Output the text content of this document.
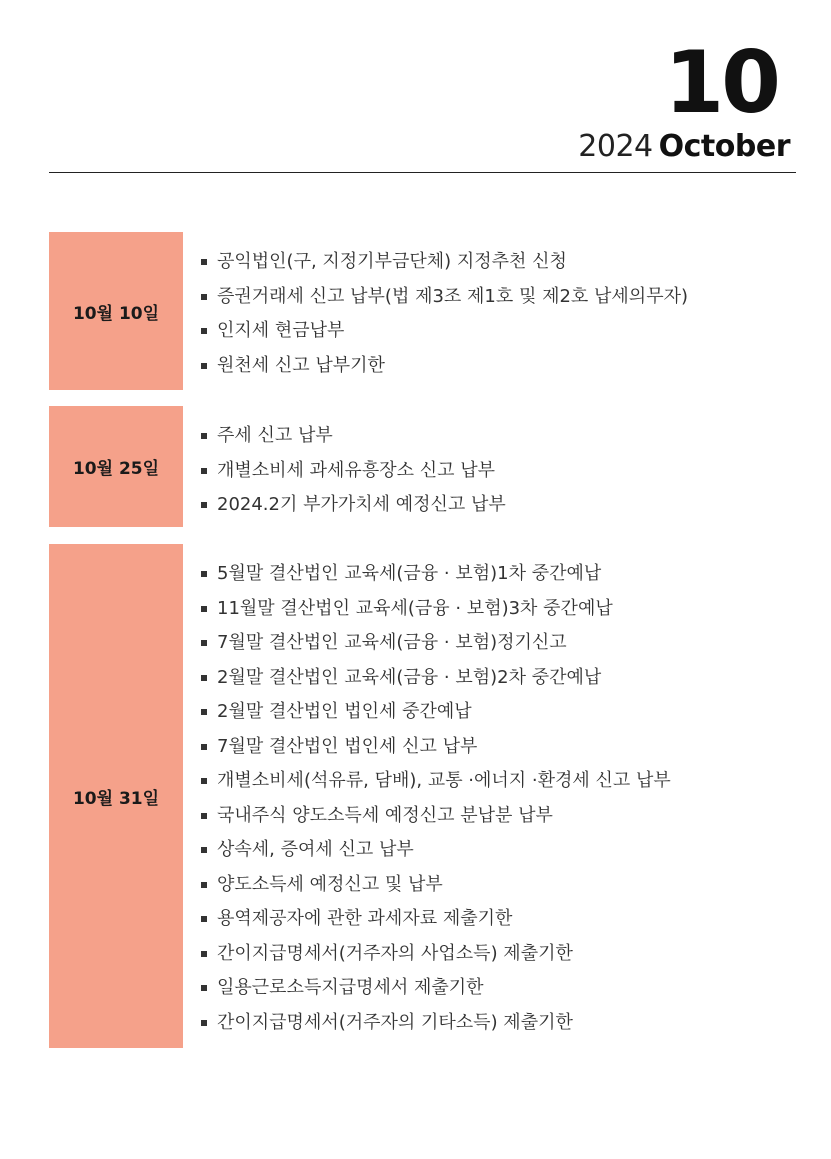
10
2024 October
10월 10일
공익법인(구, 지정기부금단체) 지정추천 신청
증권거래세 신고 납부(법 제3조 제1호 및 제2호 납세의무자)
인지세 현금납부
원천세 신고 납부기한
10월 25일
주세 신고 납부
개별소비세 과세유흥장소 신고 납부
2024.2기 부가가치세 예정신고 납부
10월 31일
5월말 결산법인 교육세(금융 · 보험)1차 중간예납
11월말 결산법인 교육세(금융 · 보험)3차 중간예납
7월말 결산법인 교육세(금융 · 보험)정기신고
2월말 결산법인 교육세(금융 · 보험)2차 중간예납
2월말 결산법인 법인세 중간예납
7월말 결산법인 법인세 신고 납부
개별소비세(석유류, 담배), 교통 ·에너지 ·환경세 신고 납부
국내주식 양도소득세 예정신고 분납분 납부
상속세, 증여세 신고 납부
양도소득세 예정신고 및 납부
용역제공자에 관한 과세자료 제출기한
간이지급명세서(거주자의 사업소득) 제출기한
일용근로소득지급명세서 제출기한
간이지급명세서(거주자의 기타소득) 제출기한
